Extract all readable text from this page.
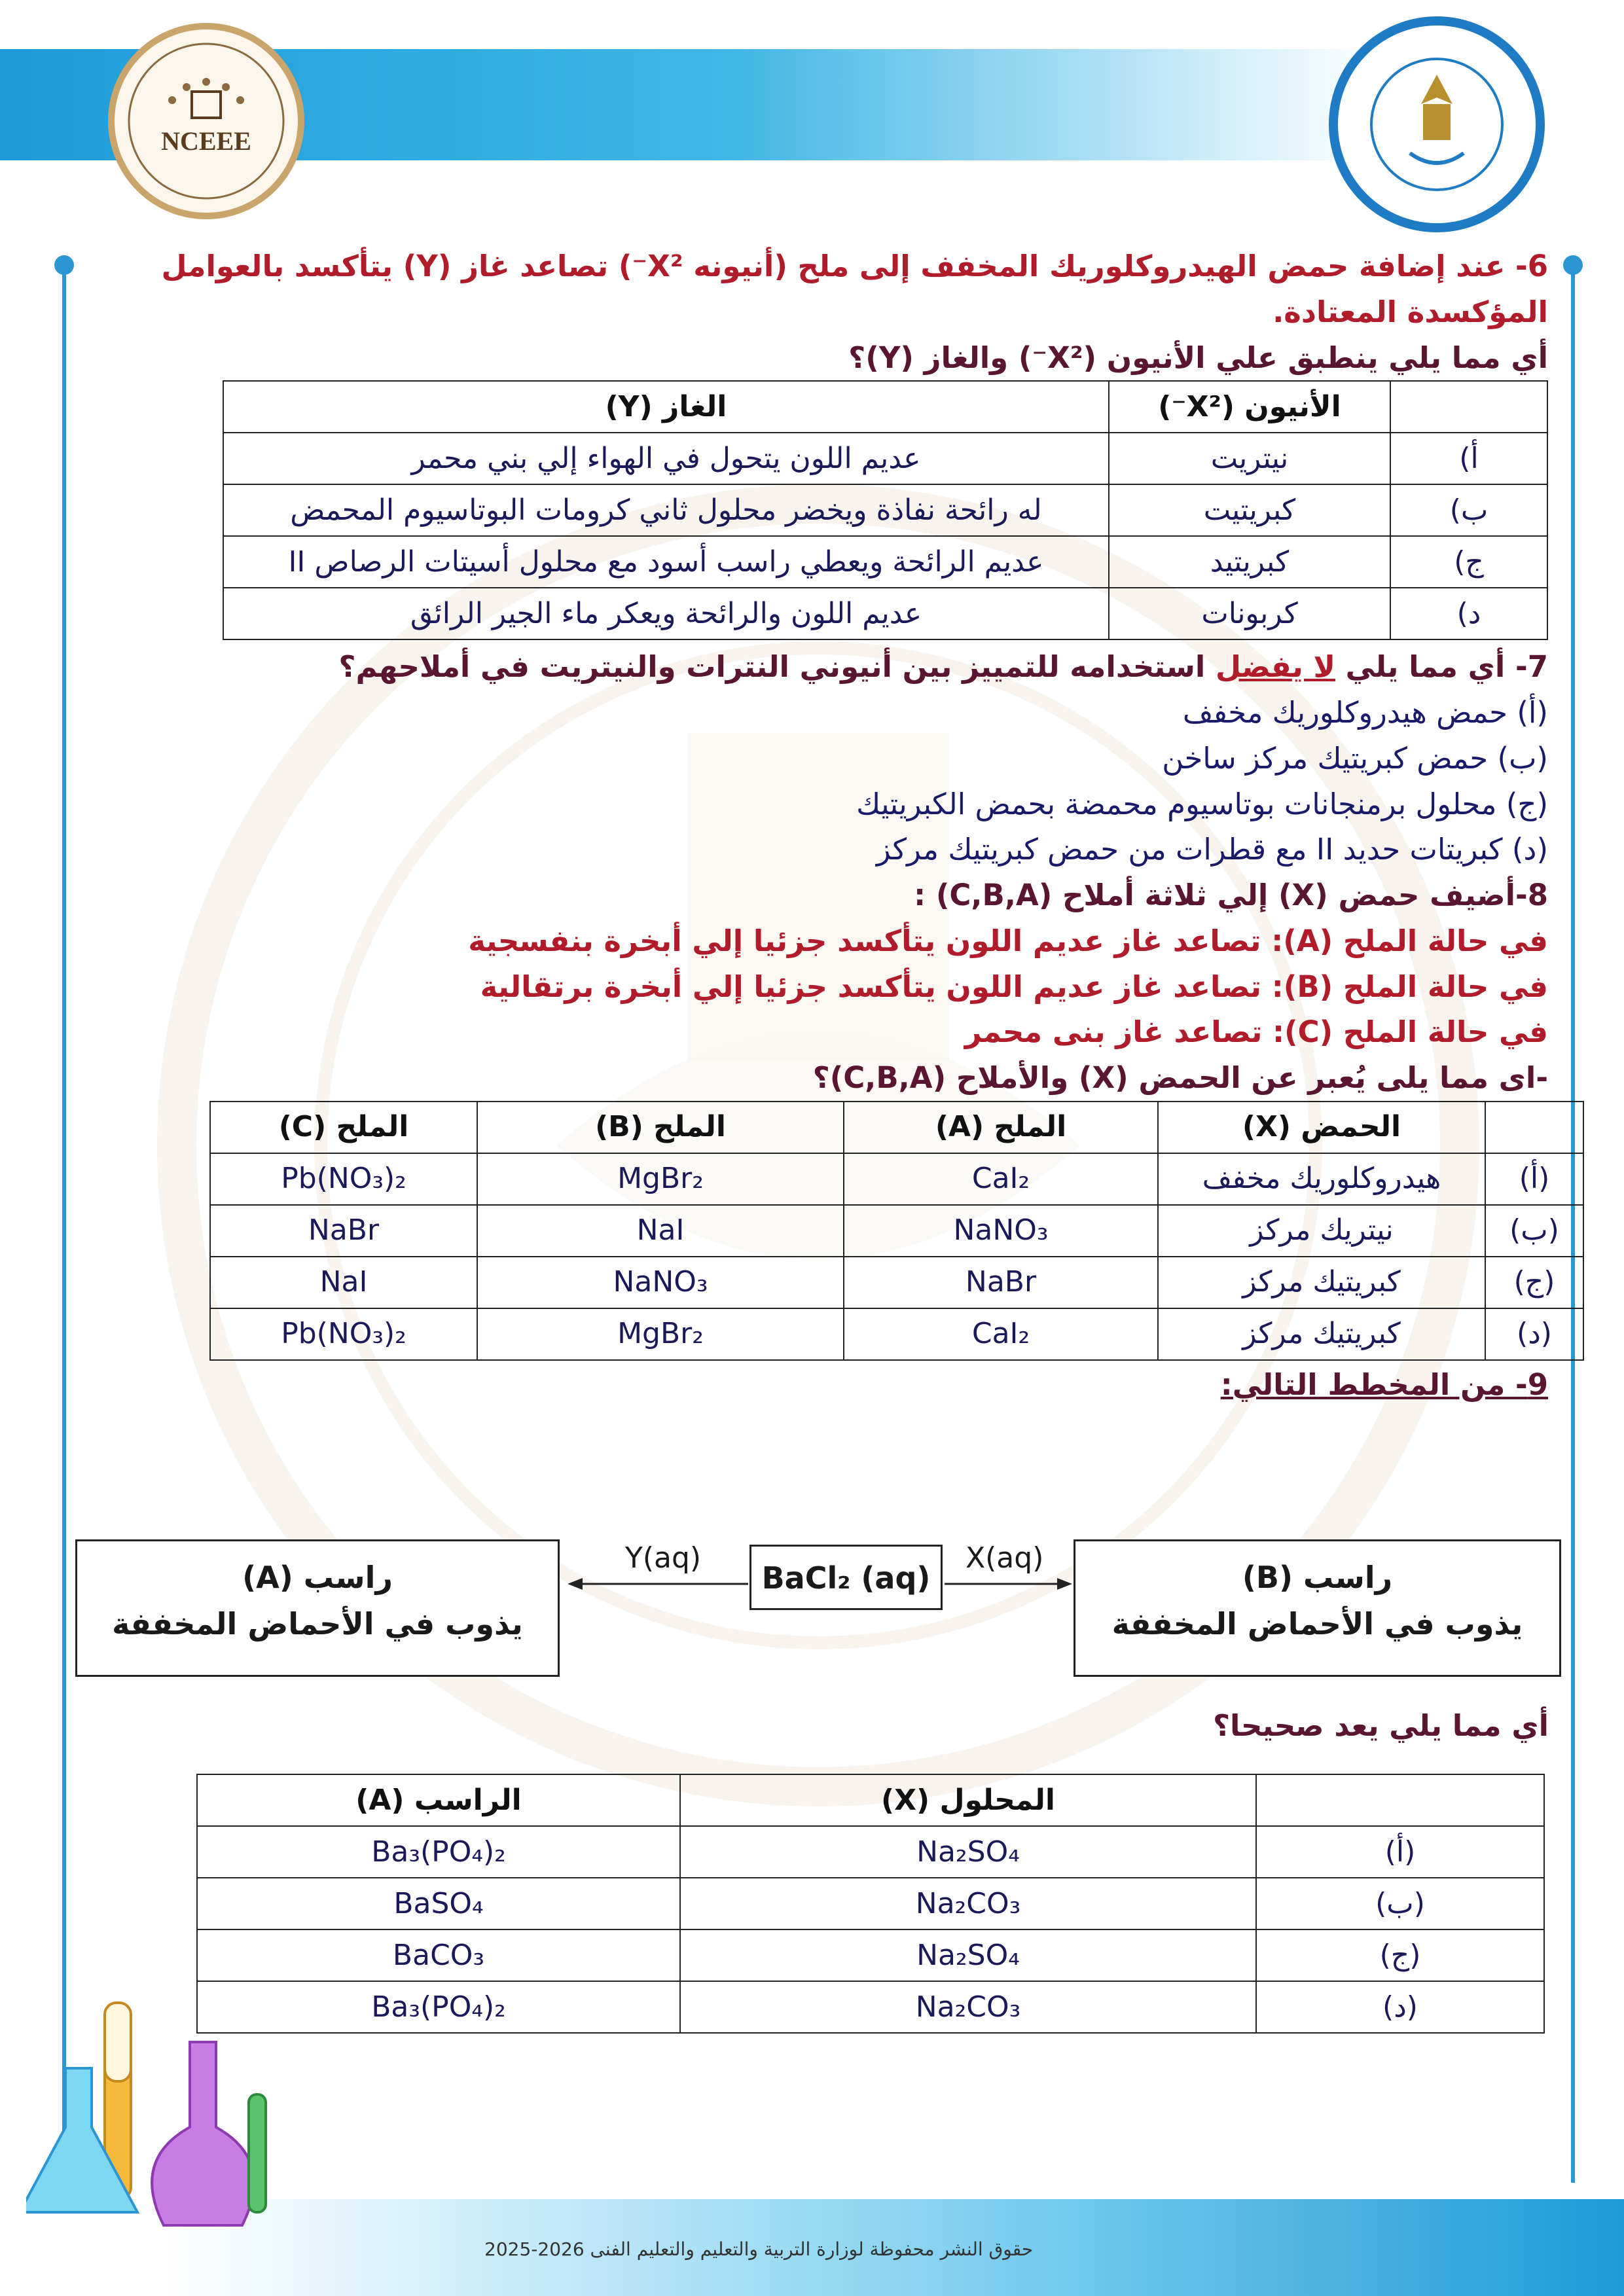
NCEEE
6- عند إضافة حمض الهيدروكلوريك المخفف إلى ملح (أنيونه X²⁻) تصاعد غاز (Y) يتأكسد بالعوامل
المؤكسدة المعتادة.
أي مما يلي ينطبق علي الأنيون (X²⁻) والغاز (Y)؟
	الأنيون (X²⁻)	الغاز (Y)
أ)	نيتريت	عديم اللون يتحول في الهواء إلي بني محمر
ب)	كبريتيت	له رائحة نفاذة ويخضر محلول ثاني كرومات البوتاسيوم المحمض
ج)	كبريتيد	عديم الرائحة ويعطي راسب أسود مع محلول أسيتات الرصاص II
د)	كربونات	عديم اللون والرائحة ويعكر ماء الجير الرائق
7- أي مما يلي لا يفضل استخدامه للتمييز بين أنيوني النترات والنيتريت في أملاحهم؟
(أ) حمض هيدروكلوريك مخفف
(ب) حمض كبريتيك مركز ساخن
(ج) محلول برمنجانات بوتاسيوم محمضة بحمض الكبريتيك
(د) كبريتات حديد II مع قطرات من حمض كبريتيك مركز
8-أضيف حمض (X) إلي ثلاثة أملاح (C,B,A) :
في حالة الملح (A): تصاعد غاز عديم اللون يتأكسد جزئيا إلي أبخرة بنفسجية
في حالة الملح (B): تصاعد غاز عديم اللون يتأكسد جزئيا إلي أبخرة برتقالية
في حالة الملح (C): تصاعد غاز بنى محمر
-اى مما يلى يُعبر عن الحمض (X) والأملاح (C,B,A)؟
	الحمض (X)	الملح (A)	الملح (B)	الملح (C)
(أ)	هيدروكلوريك مخفف	CaI₂	MgBr₂	Pb(NO₃)₂
(ب)	نيتريك مركز	NaNO₃	NaI	NaBr
(ج)	كبريتيك مركز	NaBr	NaNO₃	NaI
(د)	كبريتيك مركز	CaI₂	MgBr₂	Pb(NO₃)₂
9- من المخطط التالي:
راسب (A)
يذوب في الأحماض المخففة
BaCl₂ (aq)	راسب (B)
يذوب في الأحماض المخففة
Y(aq)	X(aq)
أي مما يلي يعد صحيحا؟
	المحلول (X)	الراسب (A)
(أ)	Na₂SO₄	Ba₃(PO₄)₂
(ب)	Na₂CO₃	BaSO₄
(ج)	Na₂SO₄	BaCO₃
(د)	Na₂CO₃	Ba₃(PO₄)₂
حقوق النشر محفوظة لوزارة التربية والتعليم والتعليم الفنى 2026-2025
